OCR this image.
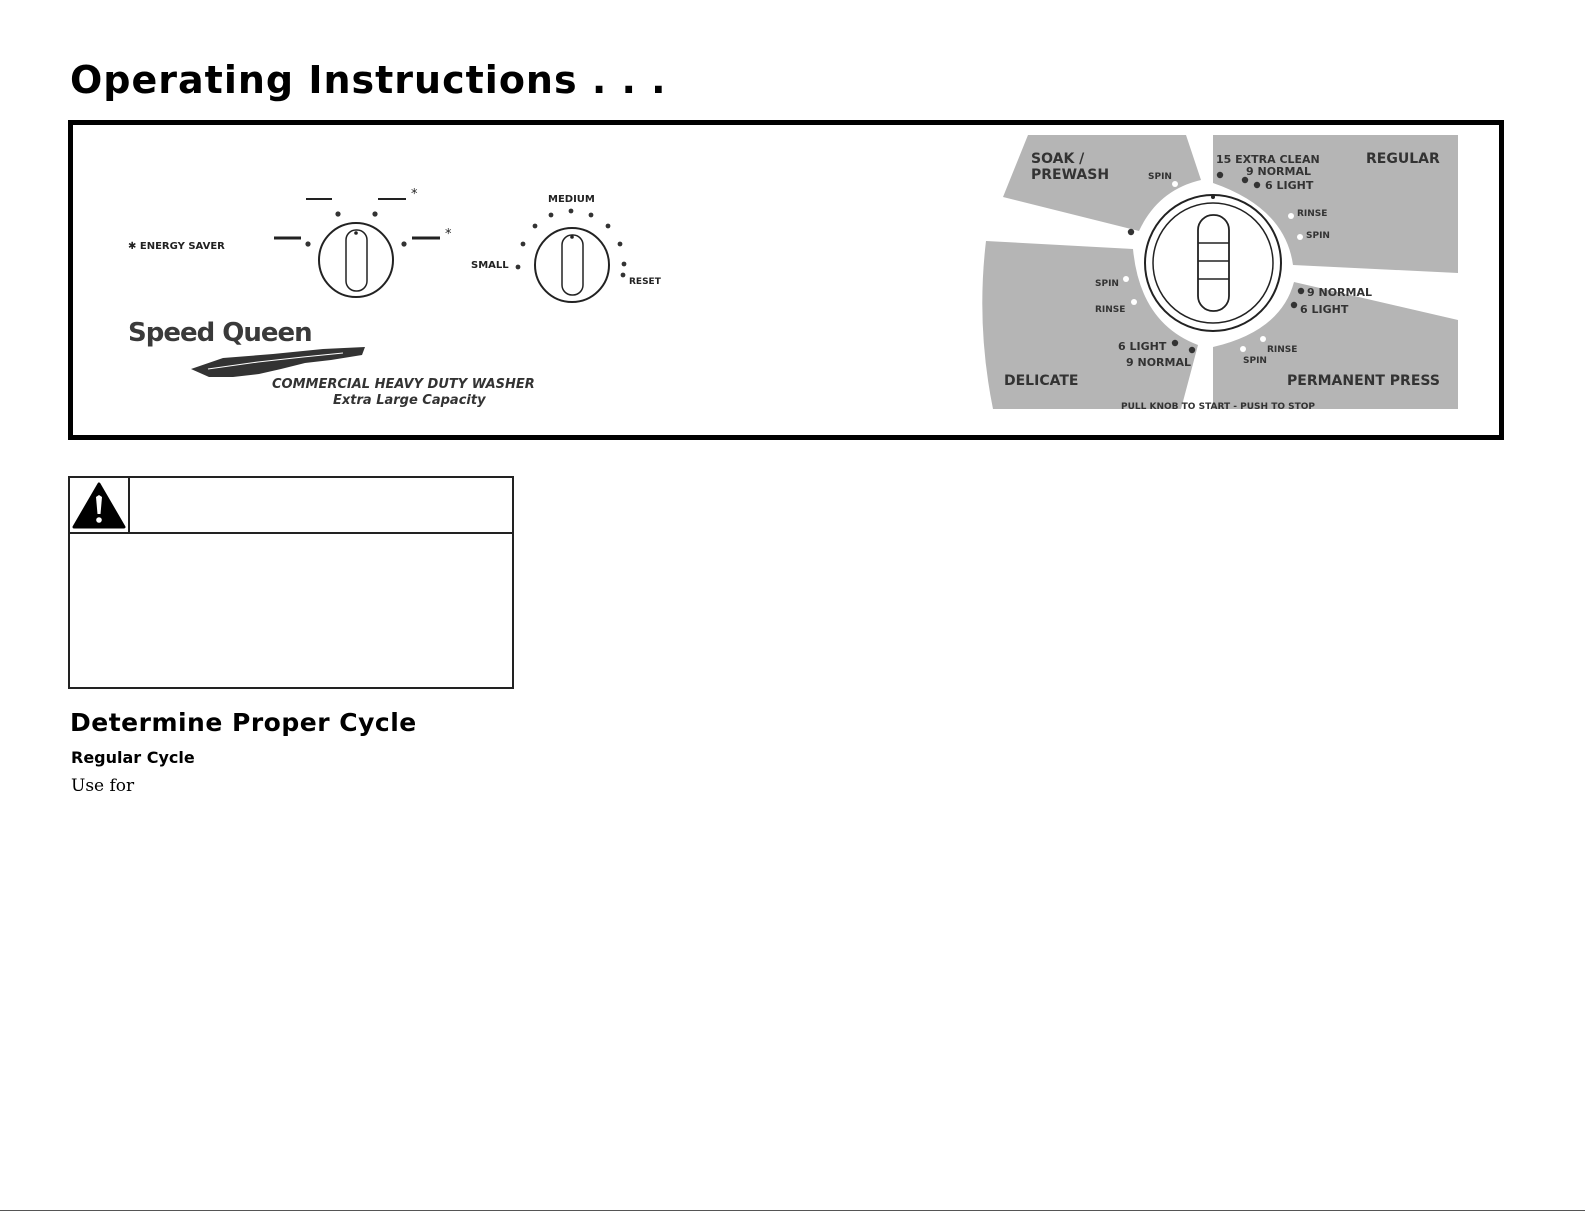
Operating Instructions . . .
*
*
✱ ENERGY SAVER
MEDIUM
SMALL
RESET
Speed Queen
COMMERCIAL HEAVY DUTY WASHER
Extra Large Capacity
SOAK /
PREWASH
REGULAR
DELICATE	PERMANENT PRESS
SPIN
15 EXTRA CLEAN
9 NORMAL
6 LIGHT
RINSE
SPIN
9 NORMAL
6 LIGHT
RINSE
SPIN
SPIN
RINSE
6 LIGHT
9 NORMAL
PULL KNOB TO START - PUSH TO STOP
Determine Proper Cycle
Regular Cycle
Use for
